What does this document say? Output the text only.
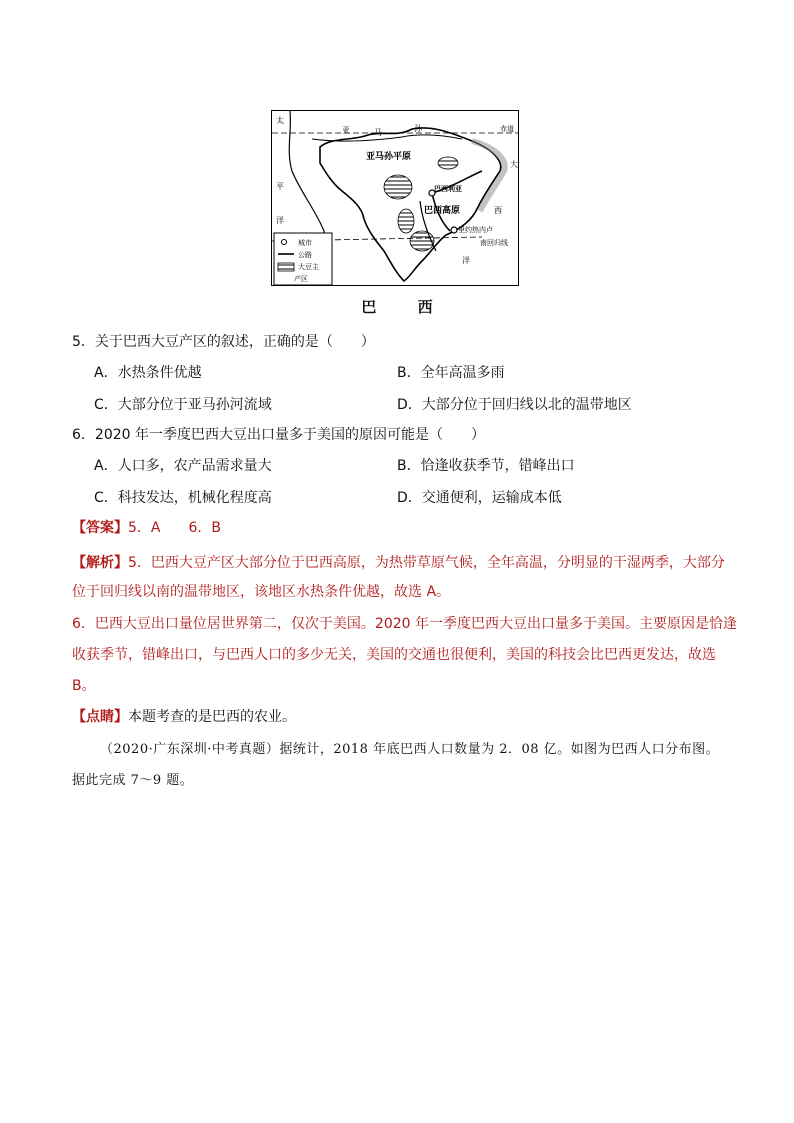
太
亚	马	孙	赤道
亚马孙平原
大
西
洋
平
洋
巴西利亚
巴西高原
里约热内卢
南回归线
城市
公路
大豆主
产区
巴 西
5．关于巴西大豆产区的叙述，正确的是（　　）
A．水热条件优越	B．全年高温多雨
C．大部分位于亚马孙河流域	D．大部分位于回归线以北的温带地区
6．2020 年一季度巴西大豆出口量多于美国的原因可能是（　　）
A．人口多，农产品需求量大	B．恰逢收获季节，错峰出口
C．科技发达，机械化程度高	D．交通便利，运输成本低
【答案】5．A　　6．B
【解析】5．巴西大豆产区大部分位于巴西高原，为热带草原气候，全年高温，分明显的干湿两季，大部分
位于回归线以南的温带地区，该地区水热条件优越，故选 A。
6．巴西大豆出口量位居世界第二，仅次于美国。2020 年一季度巴西大豆出口量多于美国。主要原因是恰逢
收获季节，错峰出口，与巴西人口的多少无关，美国的交通也很便利，美国的科技会比巴西更发达，故选
B。
【点睛】本题考查的是巴西的农业。
（2020·广东深圳·中考真题）据统计，2018 年底巴西人口数量为 2．08 亿。如图为巴西人口分布图。
据此完成 7～9 题。
